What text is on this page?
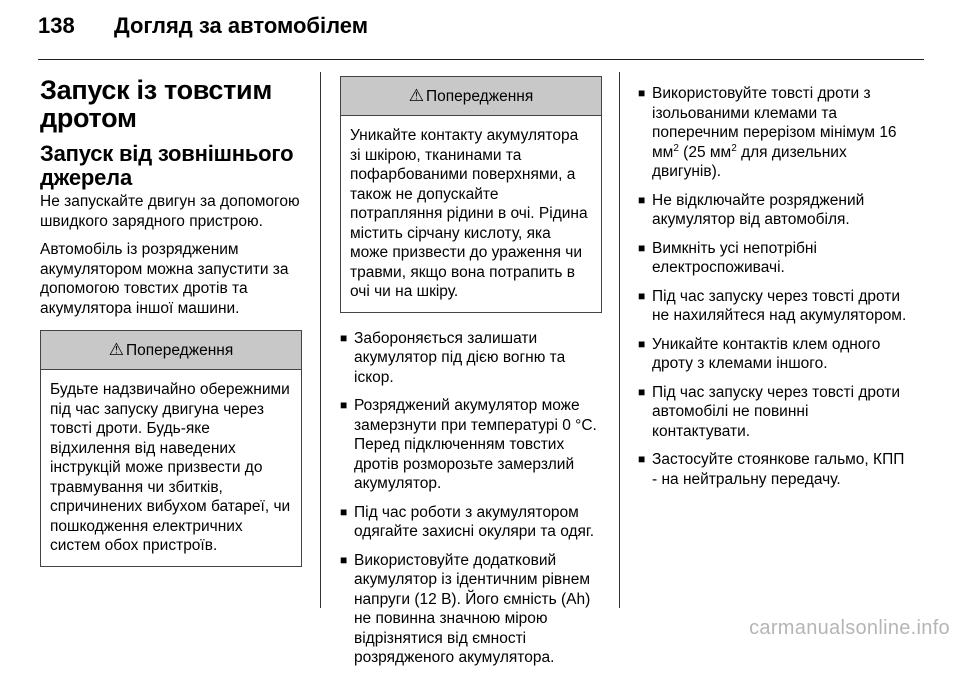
138 Догляд за автомобілем
Запуск із товстим дротом
Запуск від зовнішнього джерела

Не запускайте двигун за допомогою швидкого зарядного пристрою.

Автомобіль із розрядженим акумулятором можна запустити за допомогою товстих дротів та акумулятора іншої машини.

⚠ Попередження
Будьте надзвичайно обережними під час запуску двигуна через товсті дроти. Будь-яке відхилення від наведених інструкцій може призвести до травмування чи збитків, спричинених вибухом батареї, чи пошкодження електричних систем обох пристроїв.
⚠ Попередження
Уникайте контакту акумулятора зі шкірою, тканинами та пофарбованими поверхнями, а також не допускайте потрапляння рідини в очі. Рідина містить сірчану кислоту, яка може призвести до ураження чи травми, якщо вона потрапить в очі чи на шкіру.
■ Забороняється залишати акумулятор під дією вогню та іскор.
■ Розряджений акумулятор може замерзнути при температурі 0 °C. Перед підключенням товстих дротів розморозьте замерзлий акумулятор.
■ Під час роботи з акумулятором одягайте захисні окуляри та одяг.
■ Використовуйте додатковий акумулятор із ідентичним рівнем напруги (12 В). Його ємність (Ah) не повинна значною мірою відрізнятися від ємності розрядженого акумулятора.
■ Використовуйте товсті дроти з ізольованими клемами та поперечним перерізом мінімум 16 $мм^2$ (25 $мм^2$ для дизельних двигунів).
■ Не відключайте розряджений акумулятор від автомобіля.
■ Вимкніть усі непотрібні електроспоживачі.
■ Під час запуску через товсті дроти не нахиляйтеся над акумулятором.
■ Уникайте контактів клем одного дроту з клемами іншого.
■ Під час запуску через товсті дроти автомобілі не повинні контактувати.
■ Застосуйте стоянкове гальмо, КПП - на нейтральну передачу.
carmanualsonline.info
